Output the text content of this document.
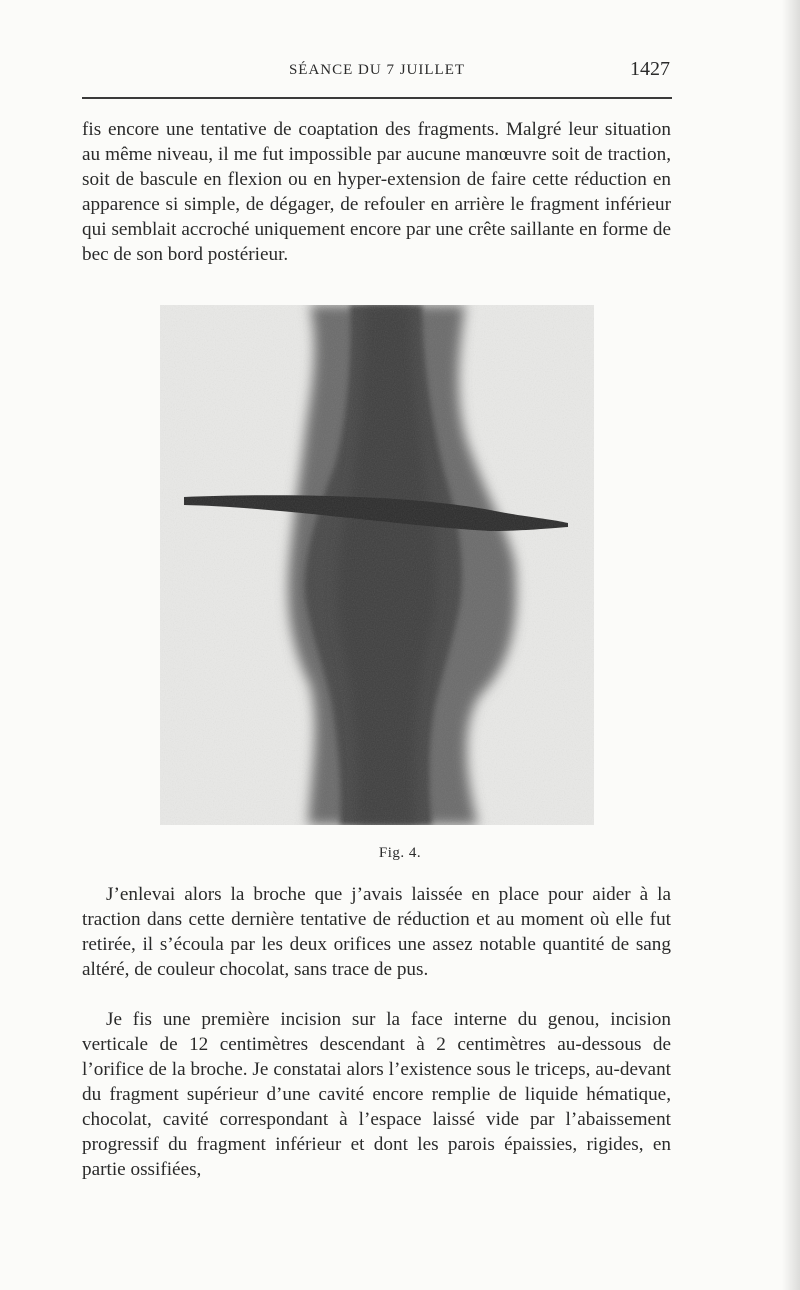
SÉANCE DU 7 JUILLET	1427

fis encore une tentative de coaptation des fragments. Malgré leur situation au même niveau, il me fut impossible par aucune manœuvre soit de traction, soit de bascule en flexion ou en hyper-extension de faire cette réduction en apparence si simple, de dégager, de refouler en arrière le fragment inférieur qui semblait accroché uniquement encore par une crête saillante en forme de bec de son bord postérieur.

Fig. 4.

J’enlevai alors la broche que j’avais laissée en place pour aider à la traction dans cette dernière tentative de réduction et au moment où elle fut retirée, il s’écoula par les deux orifices une assez notable quantité de sang altéré, de couleur chocolat, sans trace de pus.

Je fis une première incision sur la face interne du genou, incision verticale de 12 centimètres descendant à 2 centimètres au-dessous de l’orifice de la broche. Je constatai alors l’existence sous le triceps, au-devant du fragment supérieur d’une cavité encore remplie de liquide hématique, chocolat, cavité correspondant à l’espace laissé vide par l’abaissement progressif du fragment inférieur et dont les parois épaissies, rigides, en partie ossifiées,
